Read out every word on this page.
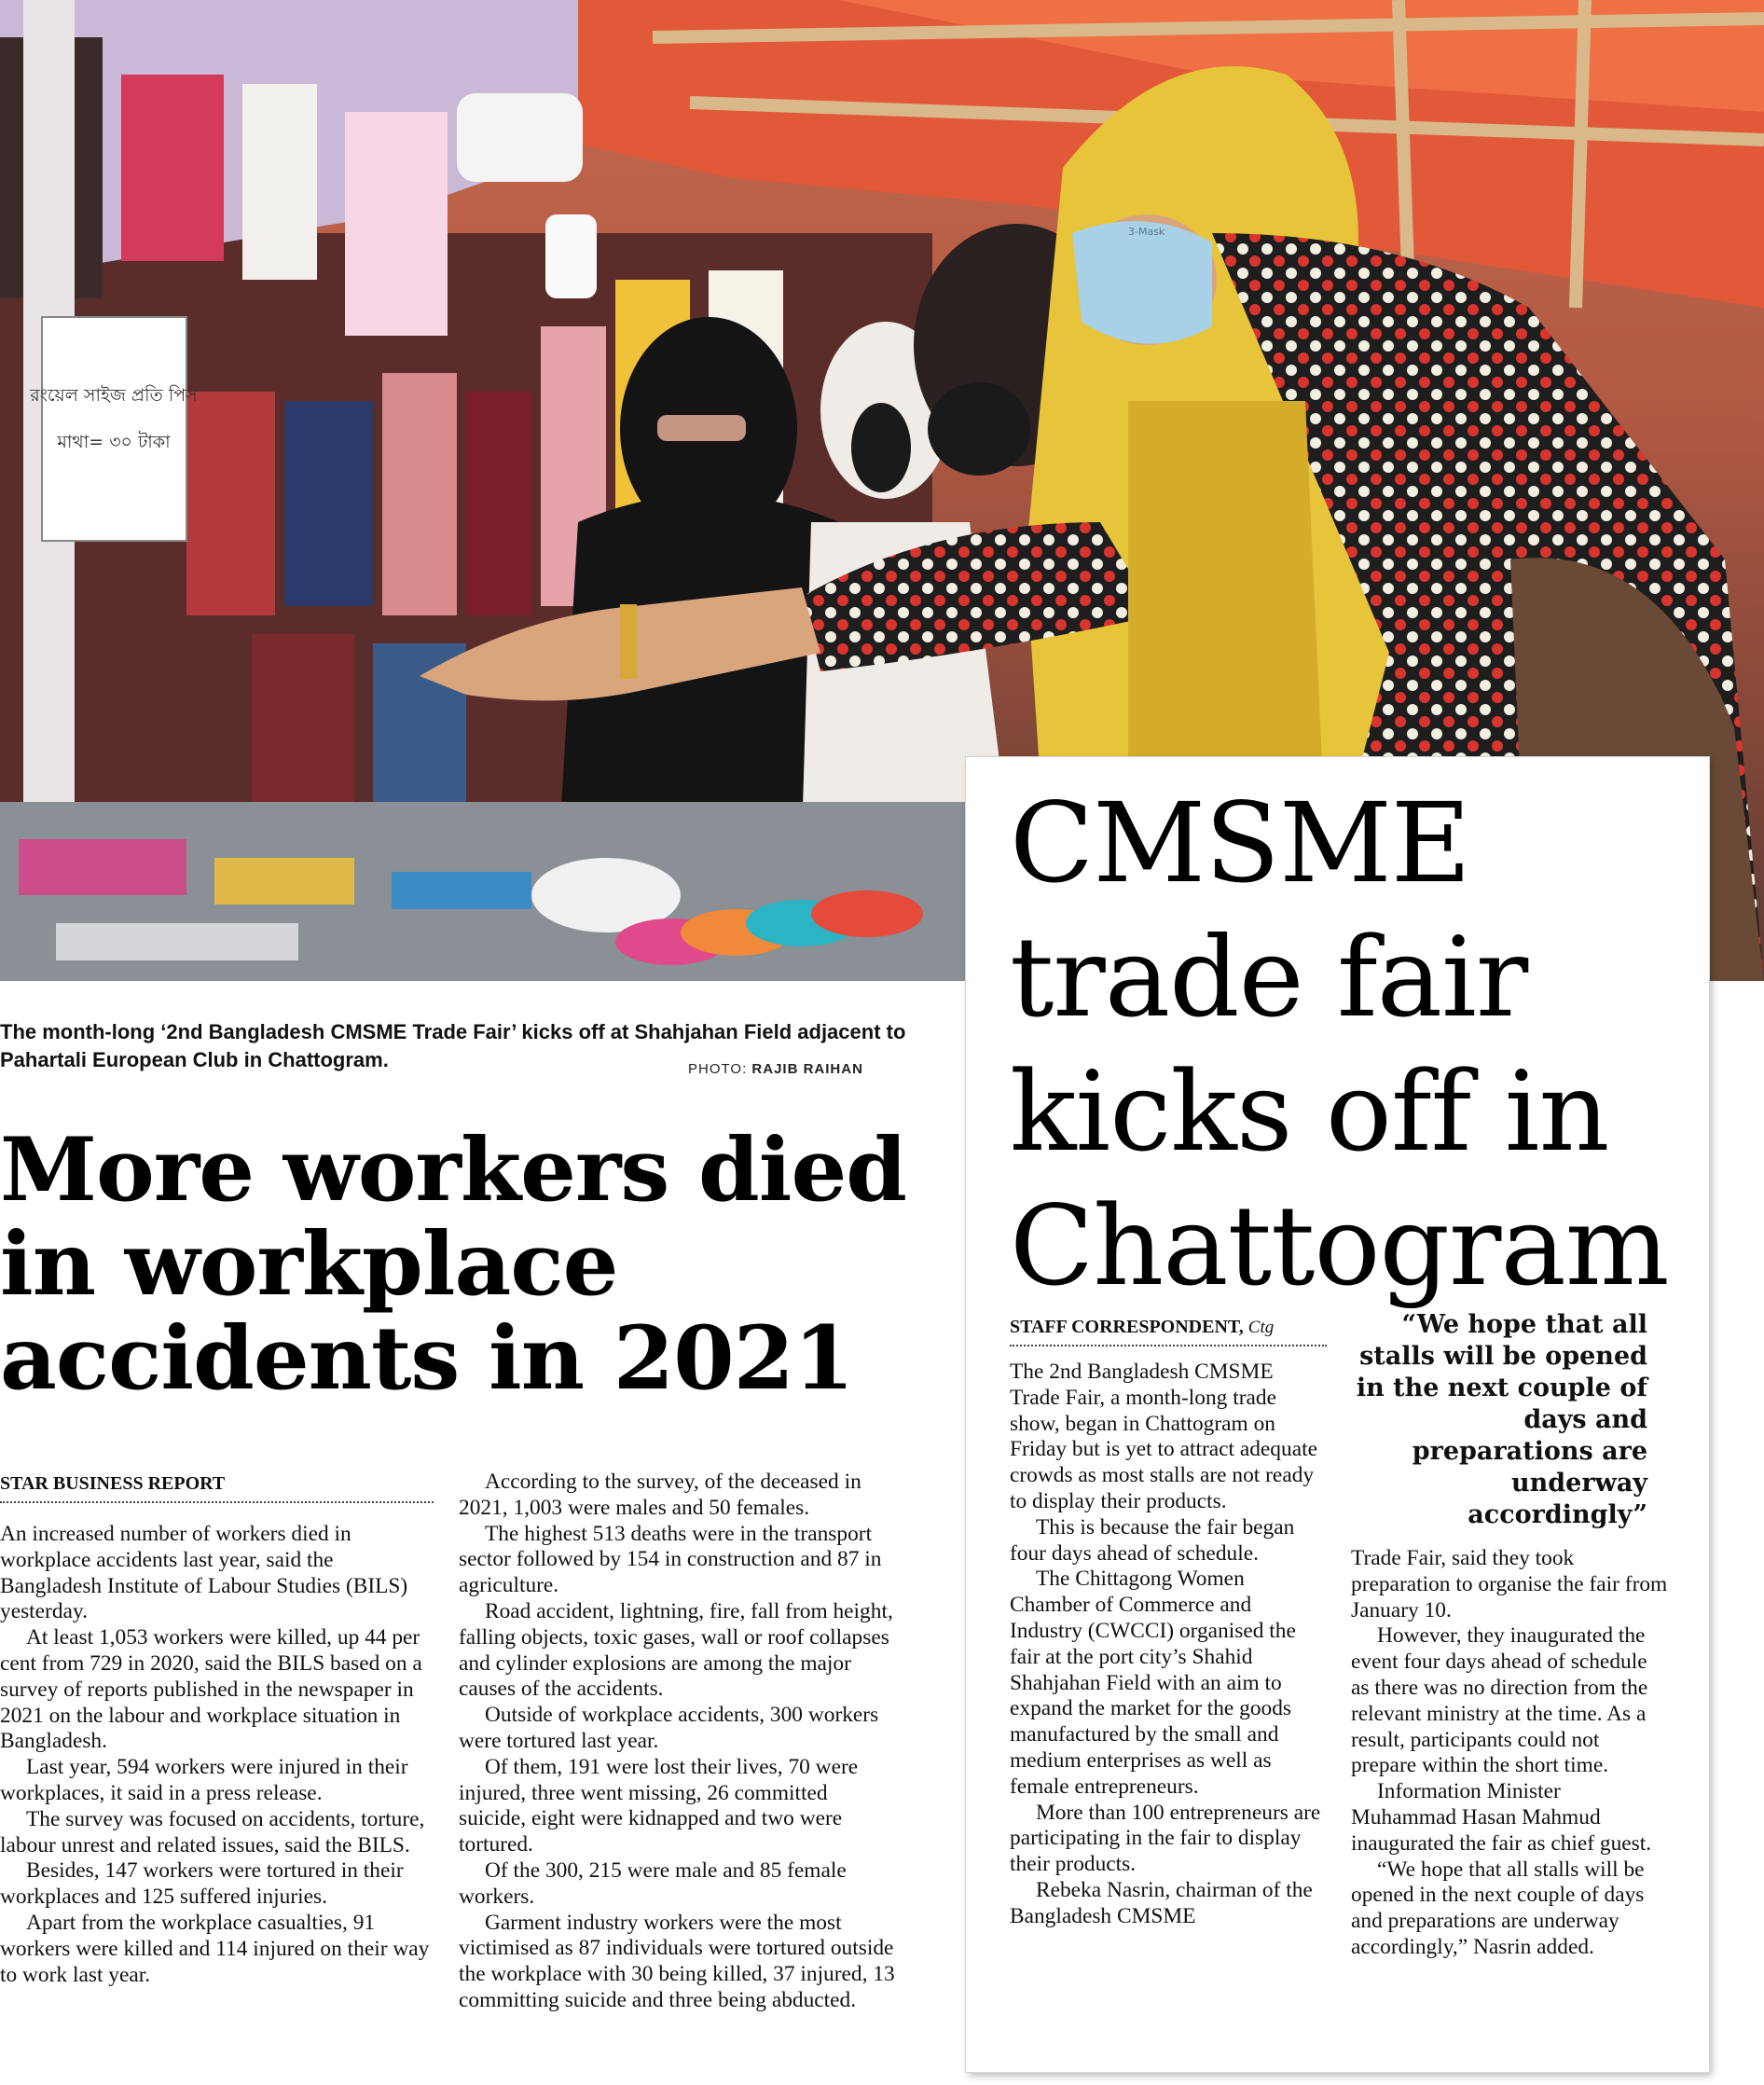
রংয়েল সাইজ প্রতি পিস
মাথা= ৩০ টাকা
3-Mask
The month-long ‘2nd Bangladesh CMSME Trade Fair’ kicks off at Shahjahan Field adjacent to Pahartali European Club in Chattogram.	PHOTO: RAJIB RAIHAN
More workers died in workplace accidents in 2021
STAR BUSINESS REPORT

An increased number of workers died in workplace accidents last year, said the Bangladesh Institute of Labour Studies (BILS) yesterday.

At least 1,053 workers were killed, up 44 per cent from 729 in 2020, said the BILS based on a survey of reports published in the newspaper in 2021 on the labour and workplace situation in Bangladesh.

Last year, 594 workers were injured in their workplaces, it said in a press release.

The survey was focused on accidents, torture, labour unrest and related issues, said the BILS.

Besides, 147 workers were tortured in their workplaces and 125 suffered injuries.

Apart from the workplace casualties, 91 workers were killed and 114 injured on their way to work last year.

According to the survey, of the deceased in 2021, 1,003 were males and 50 females.

The highest 513 deaths were in the transport sector followed by 154 in construction and 87 in agriculture.

Road accident, lightning, fire, fall from height, falling objects, toxic gases, wall or roof collapses and cylinder explosions are among the major causes of the accidents.

Outside of workplace accidents, 300 workers were tortured last year.

Of them, 191 were lost their lives, 70 were injured, three went missing, 26 committed suicide, eight were kidnapped and two were tortured.

Of the 300, 215 were male and 85 female workers.

Garment industry workers were the most victimised as 87 individuals were tortured outside the workplace with 30 being killed, 37 injured, 13 committing suicide and three being abducted.

CMSME trade fair kicks off in Chattogram
STAFF CORRESPONDENT, Ctg	“We hope that all stalls will be opened in the next couple of days and preparations are underway accordingly”

The 2nd Bangladesh CMSME Trade Fair, a month-long trade show, began in Chattogram on Friday but is yet to attract adequate crowds as most stalls are not ready to display their products.

This is because the fair began four days ahead of schedule.

The Chittagong Women Chamber of Commerce and Industry (CWCCI) organised the fair at the port city’s Shahid Shahjahan Field with an aim to expand the market for the goods manufactured by the small and medium enterprises as well as female entrepreneurs.

More than 100 entrepreneurs are participating in the fair to display their products.

Rebeka Nasrin, chairman of the Bangladesh CMSME

Trade Fair, said they took preparation to organise the fair from January 10.

However, they inaugurated the event four days ahead of schedule as there was no direction from the relevant ministry at the time. As a result, participants could not prepare within the short time.

Information Minister Muhammad Hasan Mahmud inaugurated the fair as chief guest.

“We hope that all stalls will be opened in the next couple of days and preparations are underway accordingly,” Nasrin added.
